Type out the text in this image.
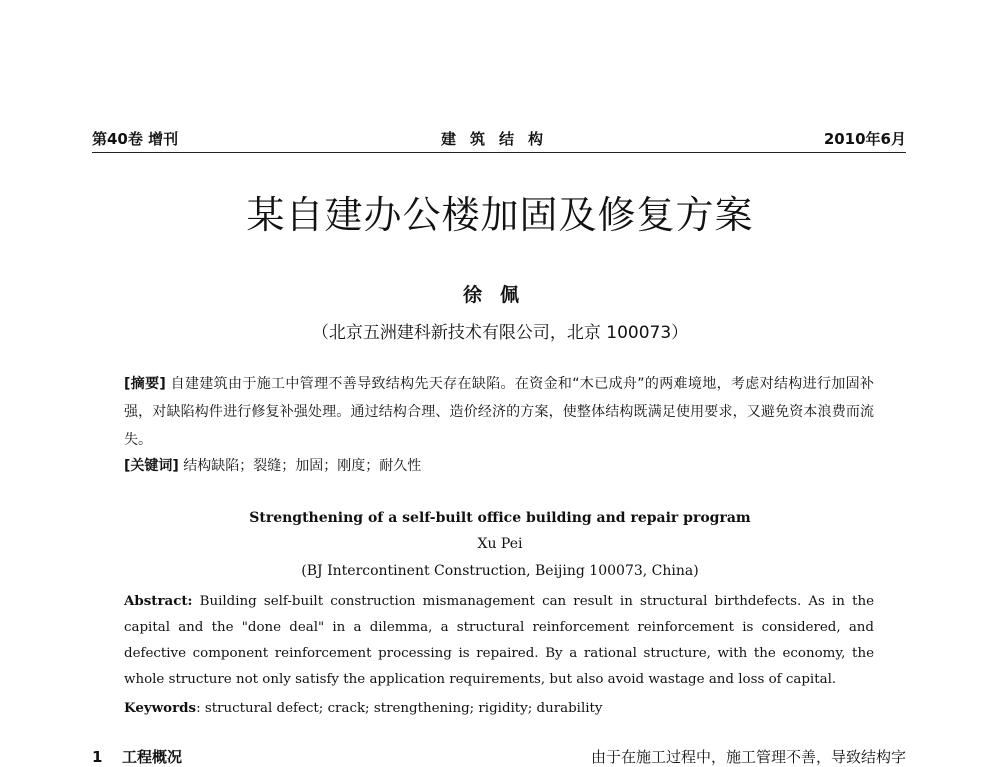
第40卷 增刊	建筑结构	2010年6月
某自建办公楼加固及修复方案
徐佩
（北京五洲建科新技术有限公司，北京 100073）
[摘要] 自建建筑由于施工中管理不善导致结构先天存在缺陷。在资金和“木已成舟”的两难境地，考虑对结构进行加固补强，对缺陷构件进行修复补强处理。通过结构合理、造价经济的方案，使整体结构既满足使用要求，又避免资本浪费而流失。
[关键词] 结构缺陷；裂缝；加固；刚度；耐久性
Strengthening of a self-built office building and repair program
Xu Pei
(BJ Intercontinent Construction, Beijing 100073, China)
Abstract: Building self-built construction mismanagement can result in structural birthdefects. As in the capital and the "done deal" in a dilemma, a structural reinforcement reinforcement is considered, and defective component reinforcement processing is repaired. By a rational structure, with the economy, the whole structure not only satisfy the application requirements, but also avoid wastage and loss of capital.
Keywords: structural defect; crack; strengthening; rigidity; durability
1 工程概况	由于在施工过程中，施工管理不善，导致结构字
